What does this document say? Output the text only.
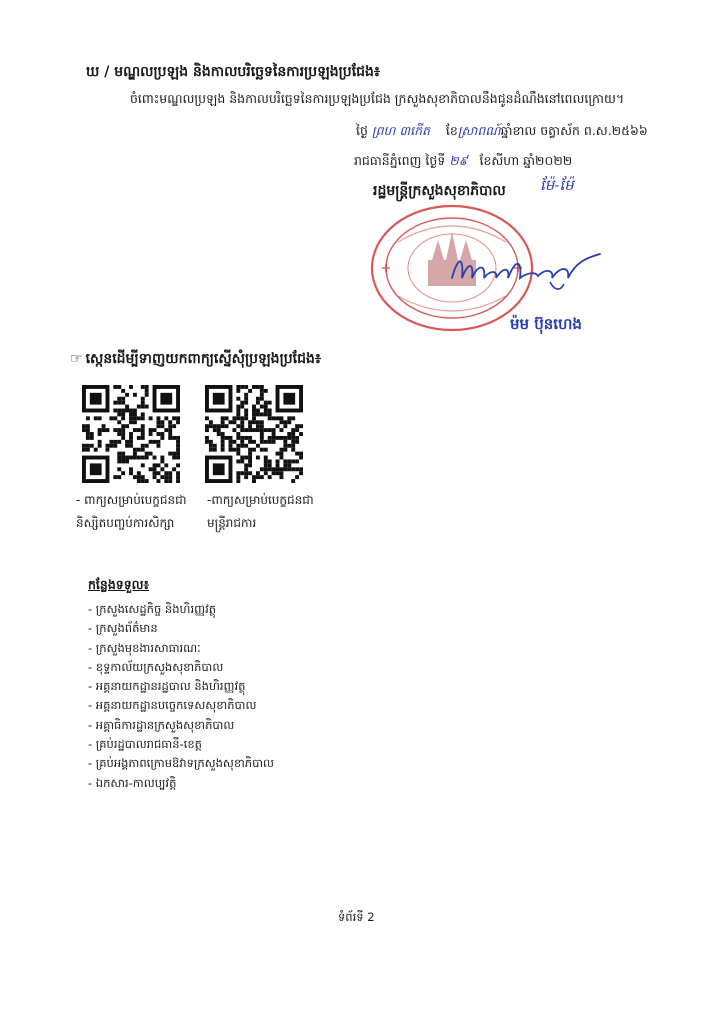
ឃ / មណ្ឌលប្រឡង និងកាលបរិច្ឆេទនៃការប្រឡងប្រជែង៖
ចំពោះមណ្ឌលប្រឡង និងកាលបរិច្ឆេទនៃការប្រឡងប្រជែង ក្រសួងសុខាភិបាលនឹងជូនដំណឹងនៅពេលក្រោយ។
ថ្ងៃ ព្រហ ៣កើត ខែស្រាពណ៍ឆ្នាំខាល ចត្វាស័ក ព.ស.២៥៦៦
រាជធានីភ្នំពេញ ថ្ងៃទី ២៩ ខែសីហា ឆ្នាំ២០២២
រដ្ឋមន្ត្រីក្រសួងសុខាភិបាល ម៉ែ-ម៉ែ
ម៉ម ប៊ុនហេង
☞ ស្កេនដើម្បីទាញយកពាក្យស្នើសុំប្រឡងប្រជែង៖
- ពាក្យសម្រាប់បេក្ខជនជា
និស្សិតបញ្ចប់ការសិក្សា
-ពាក្យសម្រាប់បេក្ខជនជា
មន្ត្រីរាជការ
កន្លែងទទួល៖
- ក្រសួងសេដ្ឋកិច្ច និងហិរញ្ញវត្ថុ
- ក្រសួងព័ត៌មាន
- ក្រសួងមុខងារសាធារណៈ
- ខុទ្ទកាល័យក្រសួងសុខាភិបាល
- អគ្គនាយកដ្ឋានរដ្ឋបាល និងហិរញ្ញវត្ថុ
- អគ្គនាយកដ្ឋានបច្ចេកទេសសុខាភិបាល
- អគ្គាធិការដ្ឋានក្រសួងសុខាភិបាល
- គ្រប់រដ្ឋបាលរាជធានី-ខេត្ត
- គ្រប់អង្គភាពក្រោមឱវាទក្រសួងសុខាភិបាល
- ឯកសារ-កាលប្បវត្តិ
ទំព័រទី 2
